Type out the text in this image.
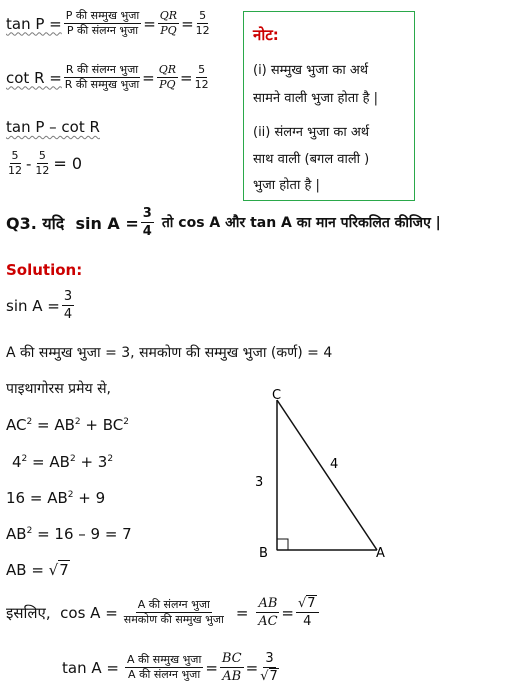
$\tan P = \frac{\text{P की सम्मुख भुजा}}{\text{P की संलग्न भुजा}} = \frac{QR}{PQ} = \frac{5}{12}$
$\cot R = \frac{\text{R की संलग्न भुजा}}{\text{R की सम्मुख भुजा}} = \frac{QR}{PQ} = \frac{5}{12}$
tan P – cot R
$\frac{5}{12} - \frac{5}{12} = 0$
नोट:
(i) सम्मुख भुजा का अर्थ
सामने वाली भुजा होता है |
(ii) संलग्न भुजा का अर्थ
साथ वाली (बगल वाली )
भुजा होता है |
Q3. यदि  $\sin A = \frac{3}{4}$ तो cos A और tan A का मान परिकलित कीजिए |
Solution:
$\sin A = \frac{3}{4}$
A की सम्मुख भुजा = 3, समकोण की सम्मुख भुजा (कर्ण) = 4
पाइथागोरस प्रमेय से,
$AC^2 = AB^2 + BC^2$
$4^2 = AB^2 + 3^2$
$16 = AB^2 + 9$
$AB^2 = 16 - 9 = 7$
AB = √7
C
B	A
3
4
इसलिए,  $\cos A = \frac{\text{A की संलग्न भुजा}}{\text{समकोण की सम्मुख भुजा}} = \frac{AB}{AC} = \frac{√7}{4}$
$\tan A = \frac{\text{A की सम्मुख भुजा}}{\text{A की संलग्न भुजा}} = \frac{BC}{AB} = \frac{3}{√7}$
